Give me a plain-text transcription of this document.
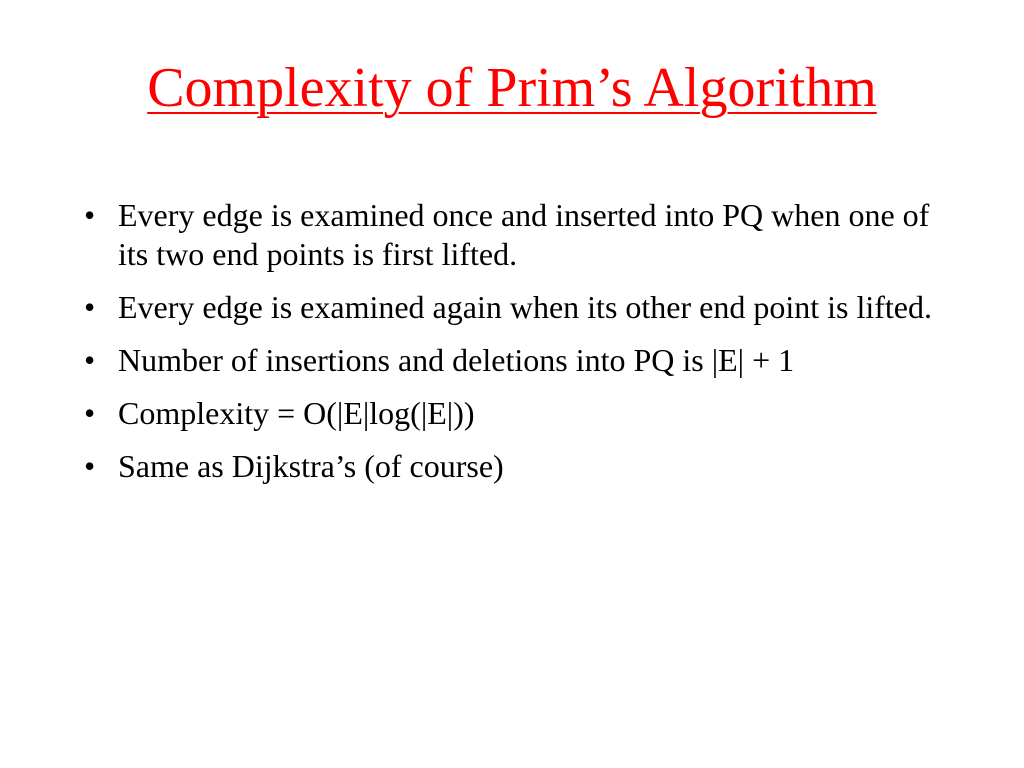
Complexity of Prim’s Algorithm
• Every edge is examined once and inserted into PQ when one of its two end points is first lifted.
• Every edge is examined again when its other end point is lifted.
• Number of insertions and deletions into PQ is |E| + 1
• Complexity = O(|E|log(|E|))
• Same as Dijkstra’s (of course)
